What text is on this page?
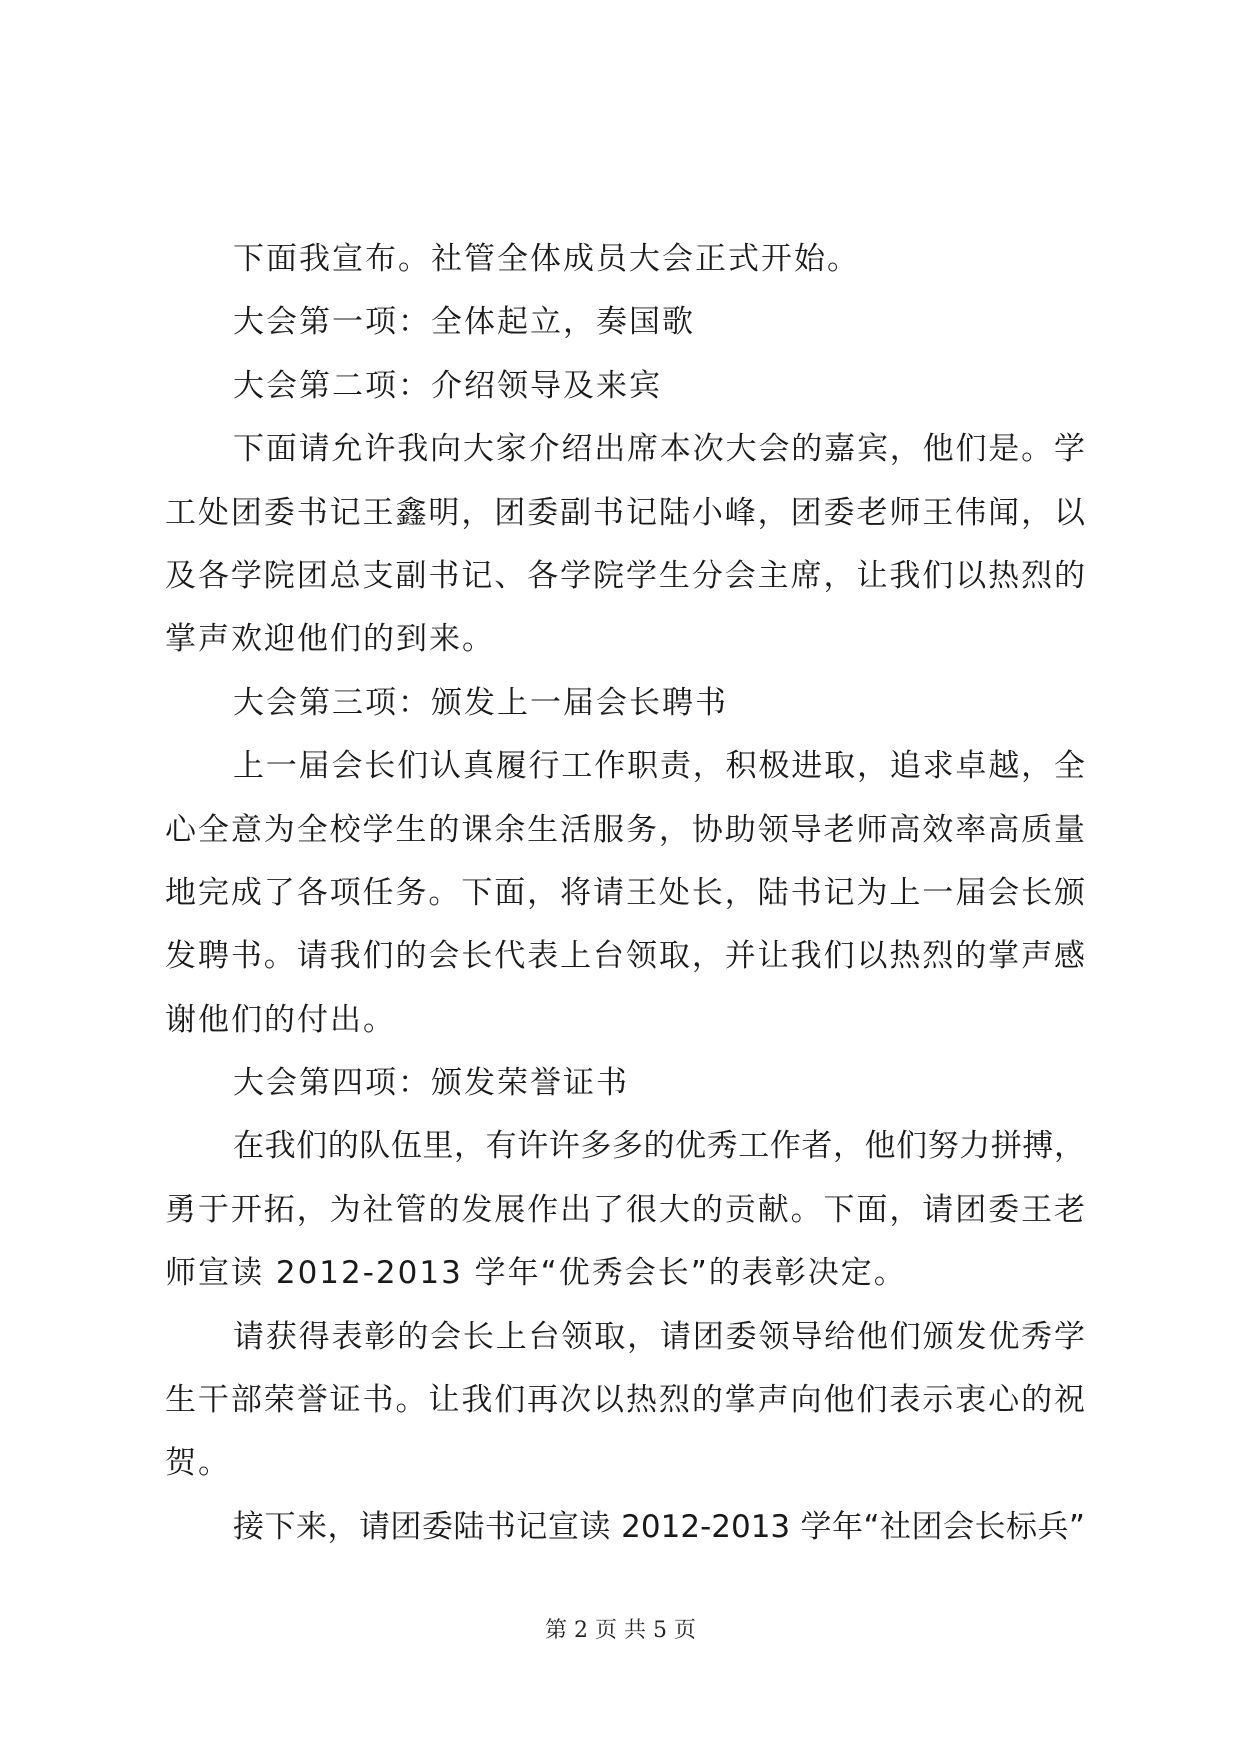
下面我宣布。社管全体成员大会正式开始。
大会第一项：全体起立，奏国歌
大会第二项：介绍领导及来宾
下面请允许我向大家介绍出席本次大会的嘉宾，他们是。学
工处团委书记王鑫明，团委副书记陆小峰，团委老师王伟闻，以
及各学院团总支副书记、各学院学生分会主席，让我们以热烈的
掌声欢迎他们的到来。
大会第三项：颁发上一届会长聘书
上一届会长们认真履行工作职责，积极进取，追求卓越，全
心全意为全校学生的课余生活服务，协助领导老师高效率高质量
地完成了各项任务。下面，将请王处长，陆书记为上一届会长颁
发聘书。请我们的会长代表上台领取，并让我们以热烈的掌声感
谢他们的付出。
大会第四项：颁发荣誉证书
在我们的队伍里，有许许多多的优秀工作者，他们努力拼搏，
勇于开拓，为社管的发展作出了很大的贡献。下面，请团委王老
师宣读 2012-2013 学年“优秀会长”的表彰决定。
请获得表彰的会长上台领取，请团委领导给他们颁发优秀学
生干部荣誉证书。让我们再次以热烈的掌声向他们表示衷心的祝
贺。
接下来，请团委陆书记宣读 2012-2013 学年“社团会长标兵”
第 2 页 共 5 页
